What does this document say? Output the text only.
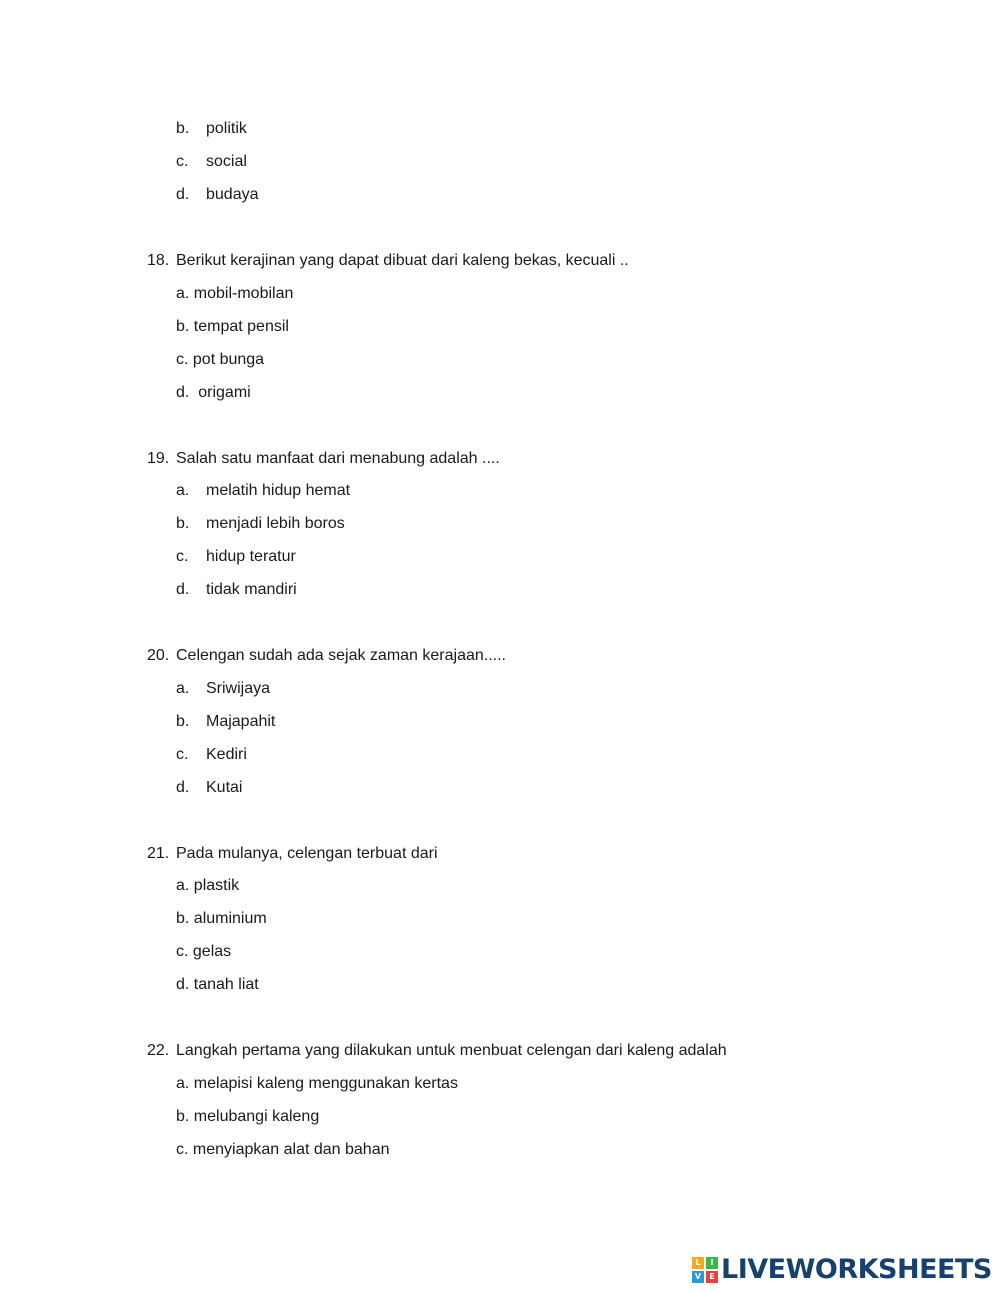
b. politik
c. social
d. budaya
18. Berikut kerajinan yang dapat dibuat dari kaleng bekas, kecuali ..
a. mobil-mobilan
b. tempat pensil
c. pot bunga
d.  origami
19. Salah satu manfaat dari menabung adalah ....
a. melatih hidup hemat
b. menjadi lebih boros
c. hidup teratur
d. tidak mandiri
20. Celengan sudah ada sejak zaman kerajaan.....
a. Sriwijaya
b. Majapahit
c. Kediri
d. Kutai
21. Pada mulanya, celengan terbuat dari
a. plastik
b. aluminium
c. gelas
d. tanah liat
22. Langkah pertama yang dilakukan untuk menbuat celengan dari kaleng adalah
a. melapisi kaleng menggunakan kertas
b. melubangi kaleng
c. menyiapkan alat dan bahan
L	I
V	E LIVEWORKSHEETS
